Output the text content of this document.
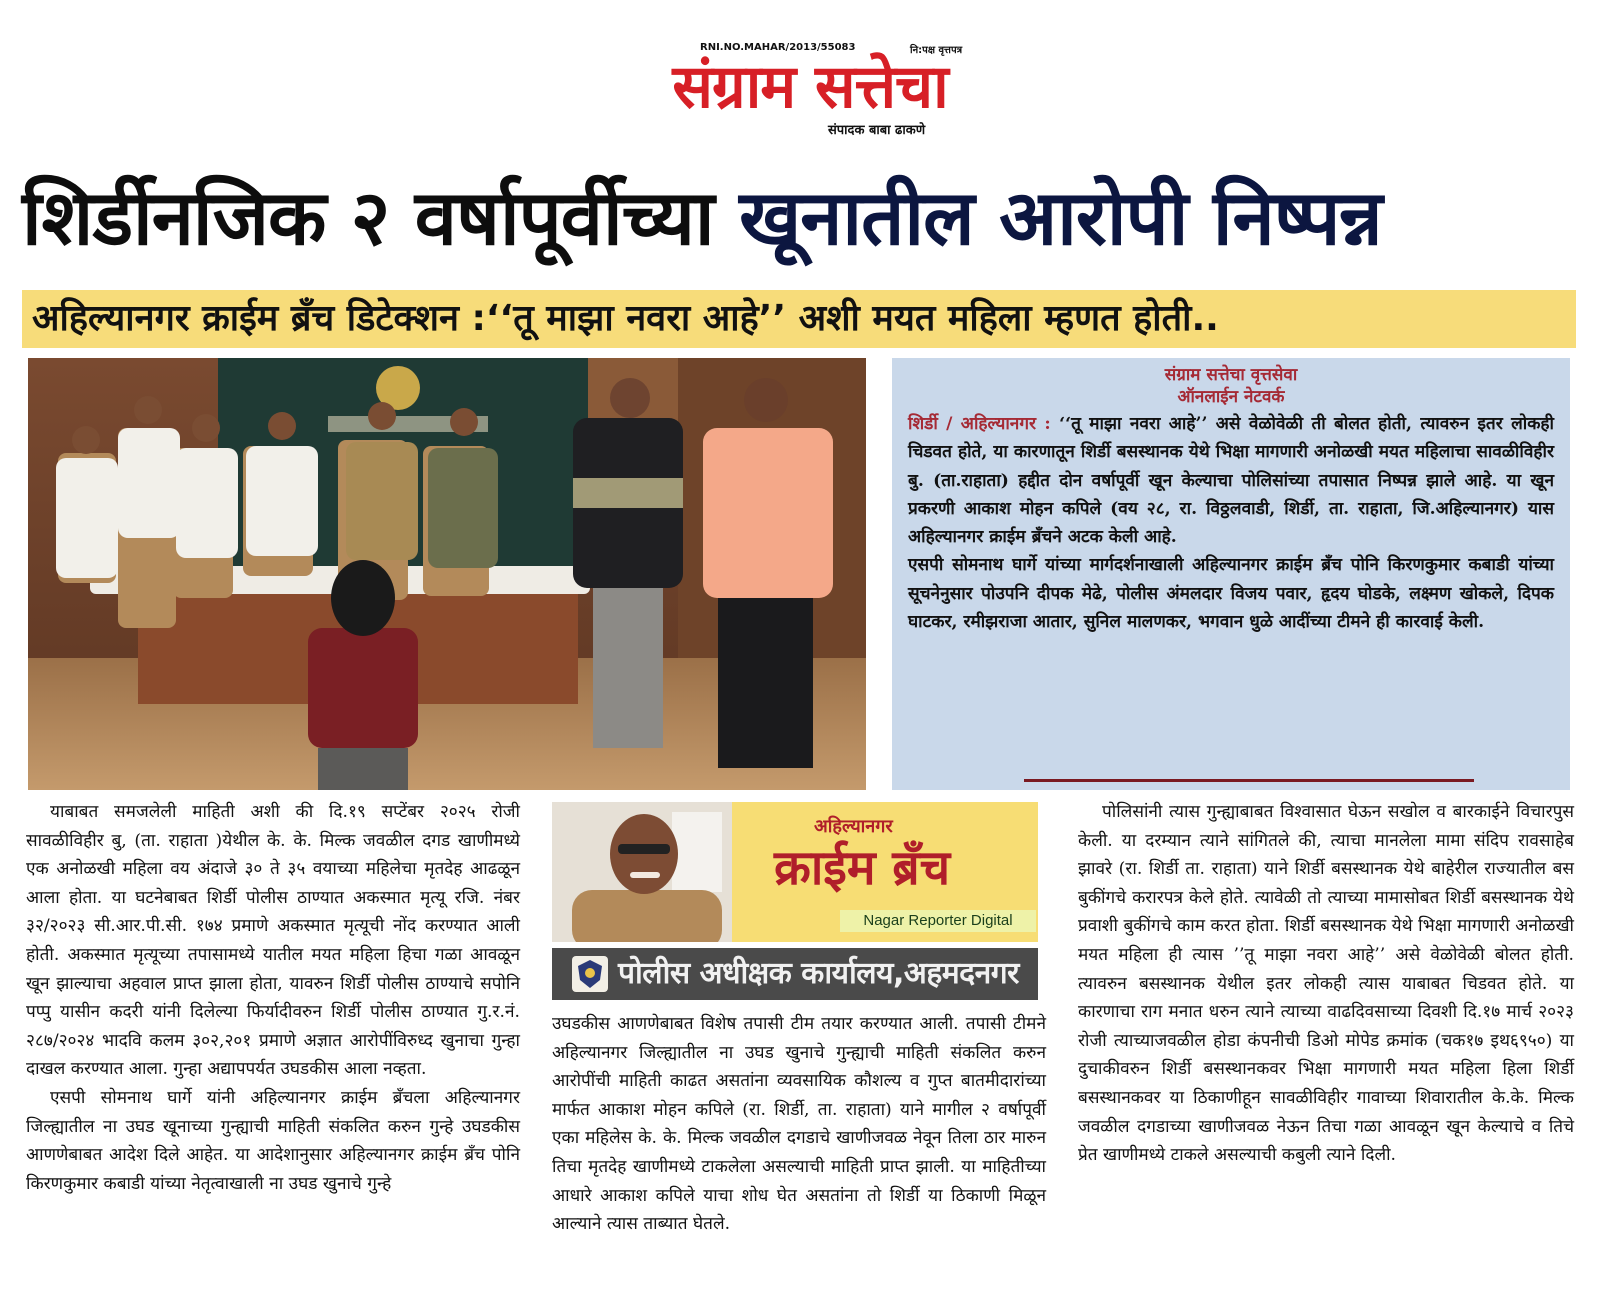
RNI.NO.MAHAR/2013/55083	नि:पक्ष वृत्तपत्र
संग्राम सत्तेचा
संपादक बाबा ढाकणे
शिर्डीनजिक २ वर्षापूर्वीच्या खूनातील आरोपी निष्पन्न
अहिल्यानगर क्राईम ब्रँच डिटेक्शन :‘‘तू माझा नवरा आहे’’ अशी मयत महिला म्हणत होती..
संग्राम सत्तेचा वृत्तसेवा
ऑनलाईन नेटवर्क

शिर्डी / अहिल्यानगर : ‘‘तू माझा नवरा आहे’’ असे वेळोवेळी ती बोलत होती, त्यावरुन इतर लोकही चिडवत होते, या कारणातून शिर्डी बसस्थानक येथे भिक्षा मागणारी अनोळखी मयत महिलाचा सावळीविहीर बु. (ता.राहाता) हद्दीत दोन वर्षापूर्वी खून केल्याचा पोलिसांच्या तपासात निष्पन्न झाले आहे. या खून प्रकरणी आकाश मोहन कपिले (वय २८, रा. विठ्ठलवाडी, शिर्डी, ता. राहाता, जि.अहिल्यानगर) यास अहिल्यानगर क्राईम ब्रँचने अटक केली आहे.

एसपी सोमनाथ घार्गे यांच्या मार्गदर्शनाखाली अहिल्यानगर क्राईम ब्रँच पोनि किरणकुमार कबाडी यांच्या सूचनेनुसार पोउपनि दीपक मेढे, पोलीस अंमलदार विजय पवार, हृदय घोडके, लक्ष्मण खोकले, दिपक घाटकर, रमीझराजा आतार, सुनिल मालणकर, भगवान धुळे आदींच्या टीमने ही कारवाई केली.

याबाबत समजलेली माहिती अशी की दि.१९ सप्टेंबर २०२५ रोजी सावळीविहीर बु, (ता. राहाता )येथील के. के. मिल्क जवळील दगड खाणीमध्ये एक अनोळखी महिला वय अंदाजे ३० ते ३५ वयाच्या महिलेचा मृतदेह आढळून आला होता. या घटनेबाबत शिर्डी पोलीस ठाण्यात अकस्मात मृत्यू रजि. नंबर ३२/२०२३ सी.आर.पी.सी. १७४ प्रमाणे अकस्मात मृत्यूची नोंद करण्यात आली होती. अकस्मात मृत्यूच्या तपासामध्ये यातील मयत महिला हिचा गळा आवळून खून झाल्याचा अहवाल प्राप्त झाला होता, यावरुन शिर्डी पोलीस ठाण्याचे सपोनि पप्पु यासीन कदरी यांनी दिलेल्या फिर्यादीवरुन शिर्डी पोलीस ठाण्यात गु.र.नं. २८७/२०२४ भादवि कलम ३०२,२०१ प्रमाणे अज्ञात आरोपींविरुध्द खुनाचा गुन्हा दाखल करण्यात आला. गुन्हा अद्यापपर्यत उघडकीस आला नव्हता.

एसपी सोमनाथ घार्गे यांनी अहिल्यानगर क्राईम ब्रँचला अहिल्यानगर जिल्ह्यातील ना उघड खूनाच्या गुन्ह्याची माहिती संकलित करुन गुन्हे उघडकीस आणणेबाबत आदेश दिले आहेत. या आदेशानुसार अहिल्यानगर क्राईम ब्रँच पोनि किरणकुमार कबाडी यांच्या नेतृत्वाखाली ना उघड खुनाचे गुन्हे

अहिल्यानगर
क्राईम ब्रँच
Nagar Reporter Digital
पोलीस अधीक्षक कार्यालय,अहमदनगर

उघडकीस आणणेबाबत विशेष तपासी टीम तयार करण्यात आली. तपासी टीमने अहिल्यानगर जिल्ह्यातील ना उघड खुनाचे गुन्ह्याची माहिती संकलित करुन आरोपींची माहिती काढत असतांना व्यवसायिक कौशल्य व गुप्त बातमीदारांच्या मार्फत आकाश मोहन कपिले (रा. शिर्डी, ता. राहाता) याने मागील २ वर्षापूर्वी एका महिलेस के. के. मिल्क जवळील दगडाचे खाणीजवळ नेवून तिला ठार मारुन तिचा मृतदेह खाणीमध्ये टाकलेला असल्याची माहिती प्राप्त झाली. या माहितीच्या आधारे आकाश कपिले याचा शोध घेत असतांना तो शिर्डी या ठिकाणी मिळून आल्याने त्यास ताब्यात घेतले.

पोलिसांनी त्यास गुन्ह्याबाबत विश्वासात घेऊन सखोल व बारकाईने विचारपुस केली. या दरम्यान त्याने सांगितले की, त्याचा मानलेला मामा संदिप रावसाहेब झावरे (रा. शिर्डी ता. राहाता) याने शिर्डी बसस्थानक येथे बाहेरील राज्यातील बस बुकींगचे करारपत्र केले होते. त्यावेळी तो त्याच्या मामासोबत शिर्डी बसस्थानक येथे प्रवाशी बुकींगचे काम करत होता. शिर्डी बसस्थानक येथे भिक्षा मागणारी अनोळखी मयत महिला ही त्यास ’’तू माझा नवरा आहे’’ असे वेळोवेळी बोलत होती. त्यावरुन बसस्थानक येथील इतर लोकही त्यास याबाबत चिडवत होते. या कारणाचा राग मनात धरुन त्याने त्याच्या वाढदिवसाच्या दिवशी दि.१७ मार्च २०२३ रोजी त्याच्याजवळील होडा कंपनीची डिओ मोपेड क्रमांक (चक१७ इथ६९५०) या दुचाकीवरुन शिर्डी बसस्थानकवर भिक्षा मागणारी मयत महिला हिला शिर्डी बसस्थानकवर या ठिकाणीहून सावळीविहीर गावाच्या शिवारातील के.के. मिल्क जवळील दगडाच्या खाणीजवळ नेऊन तिचा गळा आवळून खून केल्याचे व तिचे प्रेत खाणीमध्ये टाकले असल्याची कबुली त्याने दिली.
